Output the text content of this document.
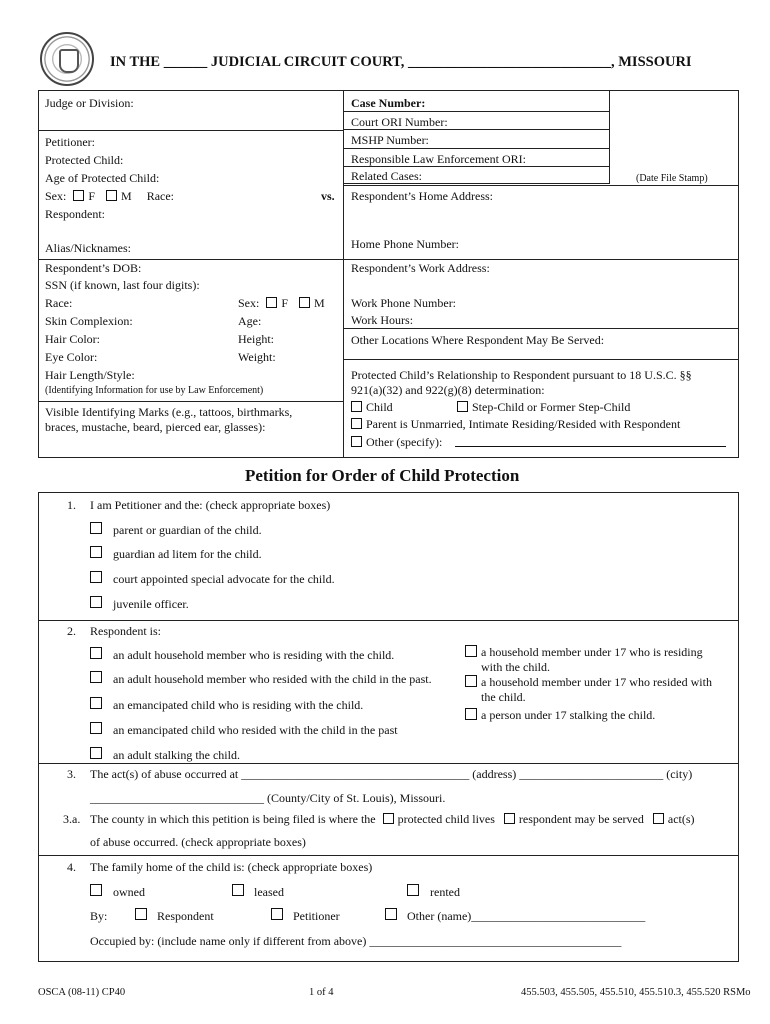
IN THE ______ JUDICIAL CIRCUIT COURT, ____________________________, MISSOURI
Judge or Division:
Petitioner:
Protected Child:
Age of Protected Child:
Sex: F M Race:	vs.
Respondent:
Alias/Nicknames:
Respondent’s DOB:
SSN (if known, last four digits):
Race:	Sex: F M
Skin Complexion:	Age:
Hair Color:	Height:
Eye Color:	Weight:
Hair Length/Style:
(Identifying Information for use by Law Enforcement)
Visible Identifying Marks (e.g., tattoos, birthmarks,
braces, mustache, beard, pierced ear, glasses):
Case Number:
Court ORI Number:
MSHP Number:
Responsible Law Enforcement ORI:
Related Cases:	(Date File Stamp)
Respondent’s Home Address:
Home Phone Number:
Respondent’s Work Address:
Work Phone Number:
Work Hours:
Other Locations Where Respondent May Be Served:
Protected Child’s Relationship to Respondent pursuant to 18 U.S.C. §§
921(a)(32) and 922(g)(8) determination:
Child	Step-Child or Former Step-Child
Parent is Unmarried, Intimate Residing/Resided with Respondent
Other (specify):
Petition for Order of Child Protection
1. I am Petitioner and the: (check appropriate boxes)
parent or guardian of the child.
guardian ad litem for the child.
court appointed special advocate for the child.
juvenile officer.
2. Respondent is:
an adult household member who is residing with the child.
an adult household member who resided with the child in the past.
an emancipated child who is residing with the child.
an emancipated child who resided with the child in the past
an adult stalking the child.
a household member under 17 who is residing
with the child.
a household member under 17 who resided with
the child.
a person under 17 stalking the child.
3. The act(s) of abuse occurred at ______________________________________ (address) ________________________ (city)
_____________________________ (County/City of St. Louis), Missouri.
3.a. The county in which this petition is being filed is where the protected child lives respondent may be served act(s)
of abuse occurred. (check appropriate boxes)
4. The family home of the child is: (check appropriate boxes)
owned	leased	rented
By:	Respondent	Petitioner	Other (name)_____________________________
Occupied by: (include name only if different from above) __________________________________________
OSCA (08-11) CP40	1 of 4	455.503, 455.505, 455.510, 455.510.3, 455.520 RSMo
